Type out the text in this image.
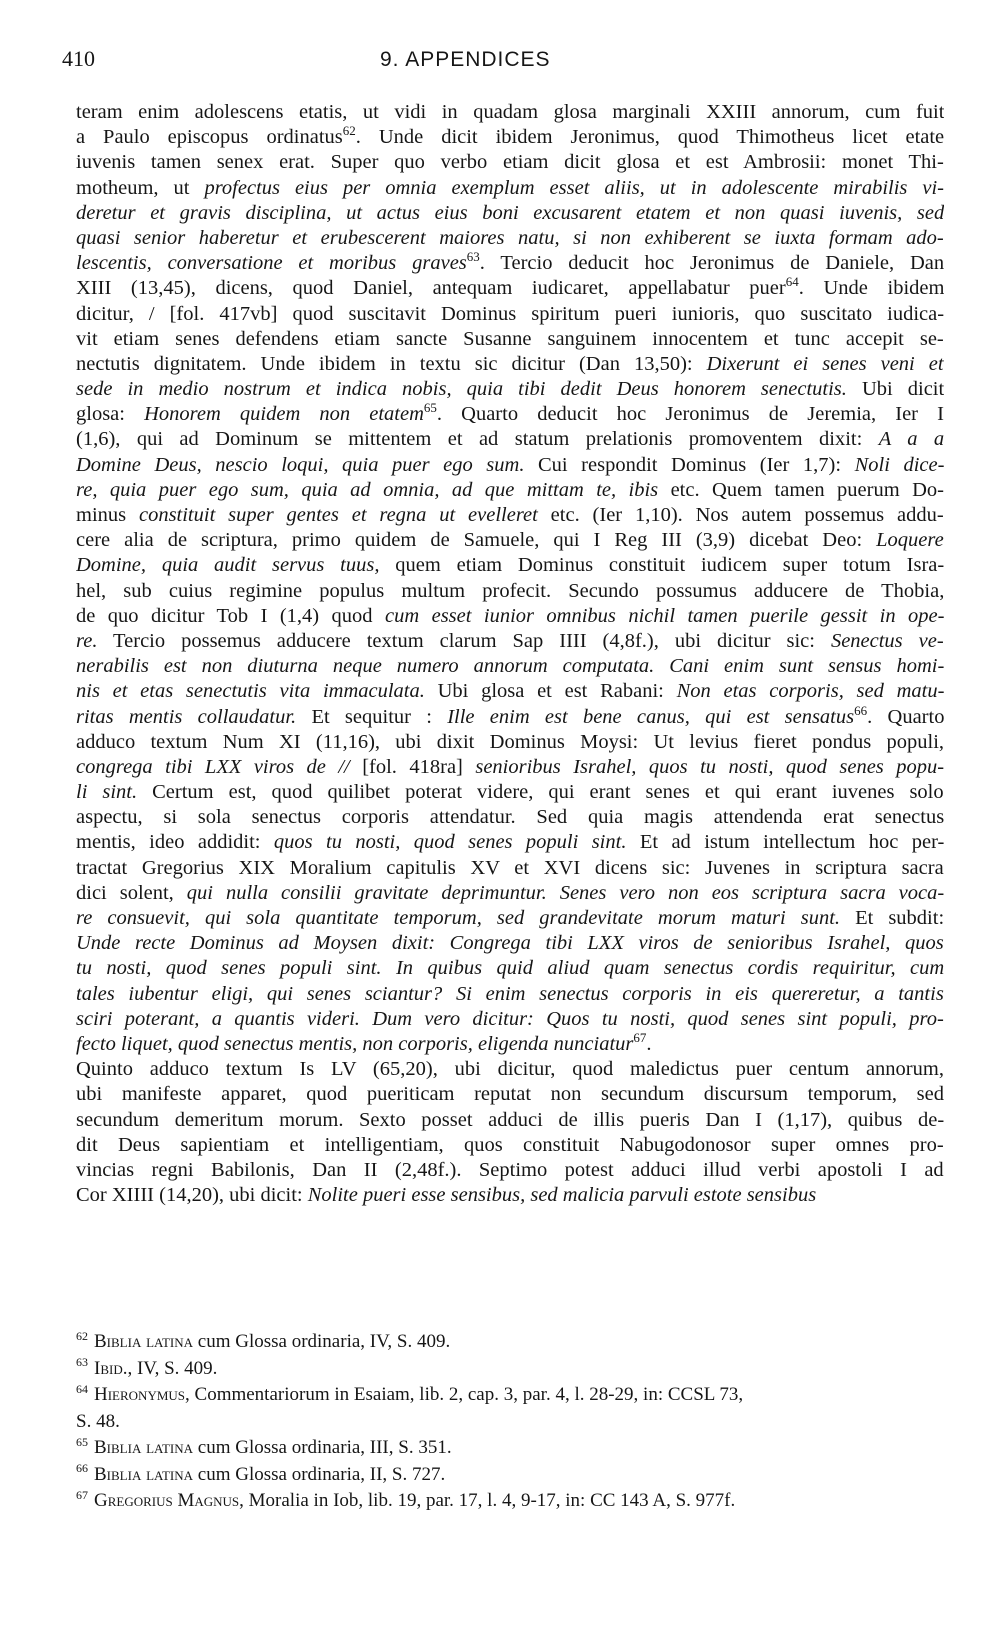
410	9. APPENDICES
teram enim adolescens etatis, ut vidi in quadam glosa marginali XXIII annorum, cum fuit
a Paulo episcopus ordinatus$^{62}$. Unde dicit ibidem Jeronimus, quod Thimotheus licet etate
iuvenis tamen senex erat. Super quo verbo etiam dicit glosa et est Ambrosii: monet Thi-
motheum, ut profectus eius per omnia exemplum esset aliis, ut in adolescente mirabilis vi-
deretur et gravis disciplina, ut actus eius boni excusarent etatem et non quasi iuvenis, sed
quasi senior haberetur et erubescerent maiores natu, si non exhiberent se iuxta formam ado-
lescentis, conversatione et moribus graves$^{63}$. Tercio deducit hoc Jeronimus de Daniele, Dan
XIII (13,45), dicens, quod Daniel, antequam iudicaret, appellabatur puer$^{64}$. Unde ibidem
dicitur, / [fol. 417vb] quod suscitavit Dominus spiritum pueri iunioris, quo suscitato iudica-
vit etiam senes defendens etiam sancte Susanne sanguinem innocentem et tunc accepit se-
nectutis dignitatem. Unde ibidem in textu sic dicitur (Dan 13,50): Dixerunt ei senes veni et
sede in medio nostrum et indica nobis, quia tibi dedit Deus honorem senectutis. Ubi dicit
glosa: Honorem quidem non etatem$^{65}$. Quarto deducit hoc Jeronimus de Jeremia, Ier I
(1,6), qui ad Dominum se mittentem et ad statum prelationis promoventem dixit: A a a
Domine Deus, nescio loqui, quia puer ego sum. Cui respondit Dominus (Ier 1,7): Noli dice-
re, quia puer ego sum, quia ad omnia, ad que mittam te, ibis etc. Quem tamen puerum Do-
minus constituit super gentes et regna ut evelleret etc. (Ier 1,10). Nos autem possemus addu-
cere alia de scriptura, primo quidem de Samuele, qui I Reg III (3,9) dicebat Deo: Loquere
Domine, quia audit servus tuus, quem etiam Dominus constituit iudicem super totum Isra-
hel, sub cuius regimine populus multum profecit. Secundo possumus adducere de Thobia,
de quo dicitur Tob I (1,4) quod cum esset iunior omnibus nichil tamen puerile gessit in ope-
re. Tercio possemus adducere textum clarum Sap IIII (4,8f.), ubi dicitur sic: Senectus ve-
nerabilis est non diuturna neque numero annorum computata. Cani enim sunt sensus homi-
nis et etas senectutis vita immaculata. Ubi glosa et est Rabani: Non etas corporis, sed matu-
ritas mentis collaudatur. Et sequitur : Ille enim est bene canus, qui est sensatus$^{66}$. Quarto
adduco textum Num XI (11,16), ubi dixit Dominus Moysi: Ut levius fieret pondus populi,
congrega tibi LXX viros de // [fol. 418ra] senioribus Israhel, quos tu nosti, quod senes popu-
li sint. Certum est, quod quilibet poterat videre, qui erant senes et qui erant iuvenes solo
aspectu, si sola senectus corporis attendatur. Sed quia magis attendenda erat senectus
mentis, ideo addidit: quos tu nosti, quod senes populi sint. Et ad istum intellectum hoc per-
tractat Gregorius XIX Moralium capitulis XV et XVI dicens sic: Juvenes in scriptura sacra
dici solent, qui nulla consilii gravitate deprimuntur. Senes vero non eos scriptura sacra voca-
re consuevit, qui sola quantitate temporum, sed grandevitate morum maturi sunt. Et subdit:
Unde recte Dominus ad Moysen dixit: Congrega tibi LXX viros de senioribus Israhel, quos
tu nosti, quod senes populi sint. In quibus quid aliud quam senectus cordis requiritur, cum
tales iubentur eligi, qui senes sciantur? Si enim senectus corporis in eis quereretur, a tantis
sciri poterant, a quantis videri. Dum vero dicitur: Quos tu nosti, quod senes sint populi, pro-
fecto liquet, quod senectus mentis, non corporis, eligenda nunciatur$^{67}$.
Quinto adduco textum Is LV (65,20), ubi dicitur, quod maledictus puer centum annorum,
ubi manifeste apparet, quod pueriticam reputat non secundum discursum temporum, sed
secundum demeritum morum. Sexto posset adduci de illis pueris Dan I (1,17), quibus de-
dit Deus sapientiam et intelligentiam, quos constituit Nabugodonosor super omnes pro-
vincias regni Babilonis, Dan II (2,48f.). Septimo potest adduci illud verbi apostoli I ad
Cor XIIII (14,20), ubi dicit: Nolite pueri esse sensibus, sed malicia parvuli estote sensibus
$^{62}$ Biblia latina cum Glossa ordinaria, IV, S. 409.
$^{63}$ Ibid., IV, S. 409.
$^{64}$ Hieronymus, Commentariorum in Esaiam, lib. 2, cap. 3, par. 4, l. 28-29, in: CCSL 73,
S. 48.
$^{65}$ Biblia latina cum Glossa ordinaria, III, S. 351.
$^{66}$ Biblia latina cum Glossa ordinaria, II, S. 727.
$^{67}$ Gregorius Magnus, Moralia in Iob, lib. 19, par. 17, l. 4, 9-17, in: CC 143 A, S. 977f.
